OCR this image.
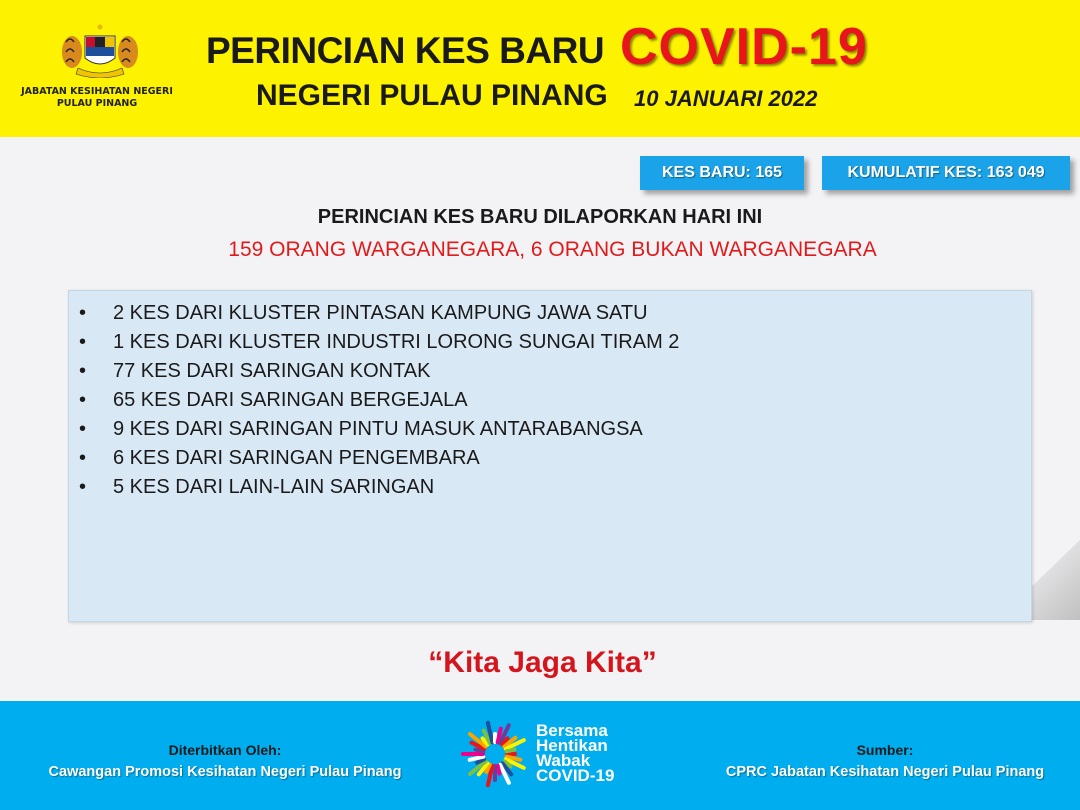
JABATAN KESIHATAN NEGERI
PULAU PINANG
PERINCIAN KES BARU COVID-19
NEGERI PULAU PINANG 10 JANUARI 2022
KES BARU: 165	KUMULATIF KES: 163 049
PERINCIAN KES BARU DILAPORKAN HARI INI
159 ORANG WARGANEGARA, 6 ORANG BUKAN WARGANEGARA
• 2 KES DARI KLUSTER PINTASAN KAMPUNG JAWA SATU
• 1 KES DARI KLUSTER INDUSTRI LORONG SUNGAI TIRAM 2
• 77 KES DARI SARINGAN KONTAK
• 65 KES DARI SARINGAN BERGEJALA
• 9 KES DARI SARINGAN PINTU MASUK ANTARABANGSA
• 6 KES DARI SARINGAN PENGEMBARA
• 5 KES DARI LAIN-LAIN SARINGAN
“Kita Jaga Kita”
Diterbitkan Oleh:
Cawangan Promosi Kesihatan Negeri Pulau Pinang
Bersama
Hentikan
Wabak
COVID-19
Sumber:
CPRC Jabatan Kesihatan Negeri Pulau Pinang
